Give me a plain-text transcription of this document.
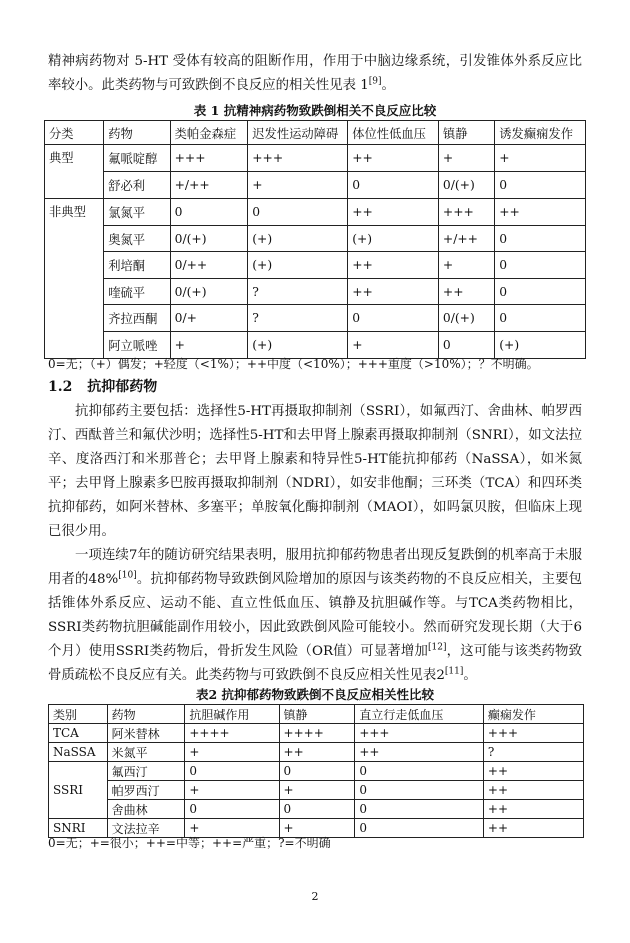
精神病药物对 5-HT 受体有较高的阻断作用，作用于中脑边缘系统，引发锥体外系反应比率较小。此类药物与可致跌倒不良反应的相关性见表 1[9]。

表 1 抗精神病药物致跌倒相关不良反应比较
分类	药物	类帕金森症	迟发性运动障碍	体位性低血压	镇静	诱发癫痫发作
典型	氟哌啶醇	+++	+++	++	+	+
	舒必利	+/++	+	0	0/(+)	0
非典型	氯氮平	0	0	++	+++	++
	奥氮平	0/(+)	(+)	(+)	+/++	0
	利培酮	0/++	(+)	++	+	0
	喹硫平	0/(+)	?	++	++	0
	齐拉西酮	0/+	?	0	0/(+)	0
	阿立哌唑	+	(+)	+	0	(+)
0=无；（+）偶发；+轻度（<1%）；++中度（<10%）；+++重度（>10%）；？不明确。
1.2 抗抑郁药物

抗抑郁药主要包括：选择性5-HT再摄取抑制剂（SSRI），如氟西汀、舍曲林、帕罗西汀、西酞普兰和氟伏沙明；选择性5-HT和去甲肾上腺素再摄取抑制剂（SNRI），如文法拉辛、度洛西汀和米那普仑；去甲肾上腺素和特异性5-HT能抗抑郁药（NaSSA），如米氮平；去甲肾上腺素多巴胺再摄取抑制剂（NDRI），如安非他酮；三环类（TCA）和四环类抗抑郁药，如阿米替林、多塞平；单胺氧化酶抑制剂（MAOI），如吗氯贝胺，但临床上现已很少用。

一项连续7年的随访研究结果表明，服用抗抑郁药物患者出现反复跌倒的机率高于未服用者的48%[10]。抗抑郁药物导致跌倒风险增加的原因与该类药物的不良反应相关，主要包括锥体外系反应、运动不能、直立性低血压、镇静及抗胆碱作等。与TCA类药物相比，SSRI类药物抗胆碱能副作用较小，因此致跌倒风险可能较小。然而研究发现长期（大于6个月）使用SSRI类药物后，骨折发生风险（OR值）可显著增加[12]，这可能与该类药物致骨质疏松不良反应有关。此类药物与可致跌倒不良反应相关性见表2[11]。

表2 抗抑郁药物致跌倒不良反应相关性比较
类别	药物	抗胆碱作用	镇静	直立行走低血压	癫痫发作
TCA	阿米替林	++++	++++	+++	+++
NaSSA	米氮平	+	++	++	?
SSRI	氟西汀	0	0	0	++
	帕罗西汀	+	+	0	++
	舍曲林	0	0	0	++
SNRI	文法拉辛	+	+	0	++
0=无；+=很小；++=中等；++=严重；?=不明确
2
